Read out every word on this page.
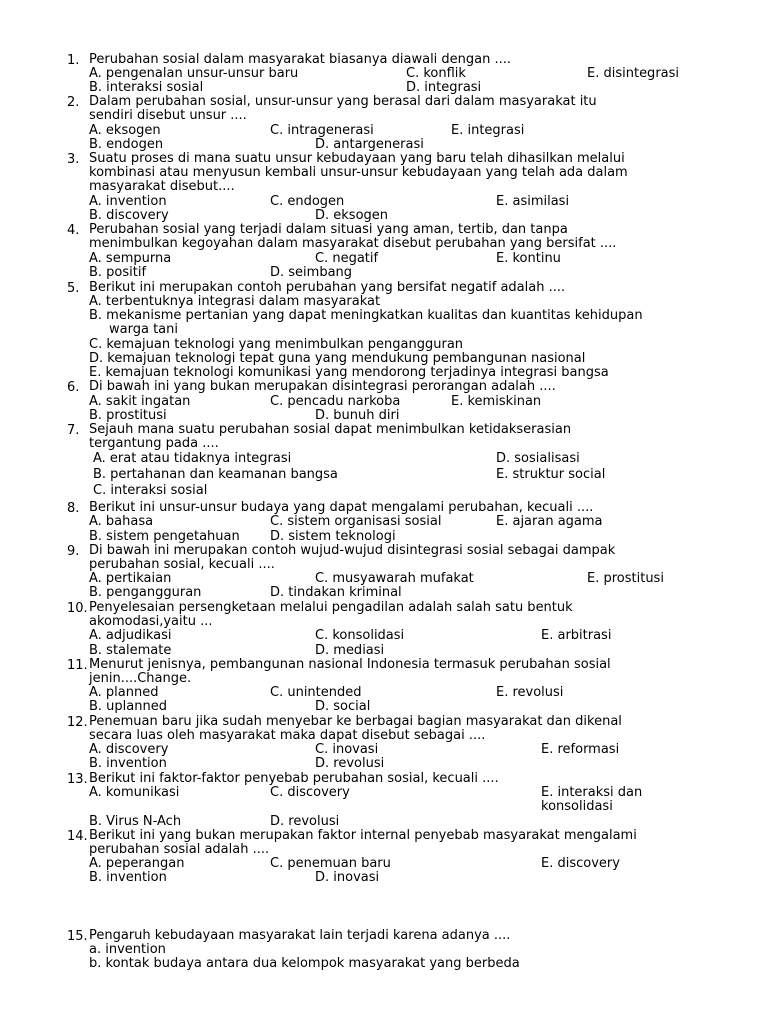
1. Perubahan sosial dalam masyarakat biasanya diawali dengan ....
A. pengenalan unsur-unsur baru	C. konflik	E. disintegrasi
B. interaksi sosial	D. integrasi
2. Dalam perubahan sosial, unsur-unsur yang berasal dari dalam masyarakat itu
sendiri disebut unsur ....
A. eksogen	C. intragenerasi	E. integrasi
B. endogen	D. antargenerasi
3. Suatu proses di mana suatu unsur kebudayaan yang baru telah dihasilkan melalui
kombinasi atau menyusun kembali unsur-unsur kebudayaan yang telah ada dalam
masyarakat disebut....
A. invention	C. endogen	E. asimilasi
B. discovery	D. eksogen
4. Perubahan sosial yang terjadi dalam situasi yang aman, tertib, dan tanpa
menimbulkan kegoyahan dalam masyarakat disebut perubahan yang bersifat ....
A. sempurna	C. negatif	E. kontinu
B. positif	D. seimbang
5. Berikut ini merupakan contoh perubahan yang bersifat negatif adalah ....
A. terbentuknya integrasi dalam masyarakat
B. mekanisme pertanian yang dapat meningkatkan kualitas dan kuantitas kehidupan warga tani
C. kemajuan teknologi yang menimbulkan pengangguran
D. kemajuan teknologi tepat guna yang mendukung pembangunan nasional
E. kemajuan teknologi komunikasi yang mendorong terjadinya integrasi bangsa
6. Di bawah ini yang bukan merupakan disintegrasi perorangan adalah ....
A. sakit ingatan	C. pencadu narkoba	E. kemiskinan
B. prostitusi	D. bunuh diri
7. Sejauh mana suatu perubahan sosial dapat menimbulkan ketidakserasian
tergantung pada ....
A. erat atau tidaknya integrasi	D. sosialisasi
B. pertahanan dan keamanan bangsa	E. struktur social
C. interaksi sosial
8. Berikut ini unsur-unsur budaya yang dapat mengalami perubahan, kecuali ....
A. bahasa	C. sistem organisasi sosial	E. ajaran agama
B. sistem pengetahuan D. sistem teknologi
9. Di bawah ini merupakan contoh wujud-wujud disintegrasi sosial sebagai dampak
perubahan sosial, kecuali ....
A. pertikaian	C. musyawarah mufakat	E. prostitusi
B. pengangguran	D. tindakan kriminal
10. Penyelesaian persengketaan melalui pengadilan adalah salah satu bentuk
akomodasi,yaitu ...
A. adjudikasi	C. konsolidasi	E. arbitrasi
B. stalemate	D. mediasi
11. Menurut jenisnya, pembangunan nasional Indonesia termasuk perubahan sosial
jenin....Change.
A. planned	C. unintended	E. revolusi
B. uplanned	D. social
12. Penemuan baru jika sudah menyebar ke berbagai bagian masyarakat dan dikenal
secara luas oleh masyarakat maka dapat disebut sebagai ....
A. discovery	C. inovasi	E. reformasi
B. invention	D. revolusi
13. Berikut ini faktor-faktor penyebab perubahan sosial, kecuali ....
A. komunikasi	C. discovery	E. interaksi dan konsolidasi
B. Virus N-Ach	D. revolusi
14. Berikut ini yang bukan merupakan faktor internal penyebab masyarakat mengalami
perubahan sosial adalah ....
A. peperangan	C. penemuan baru	E. discovery
B. invention	D. inovasi
15. Pengaruh kebudayaan masyarakat lain terjadi karena adanya ....
a. invention
b. kontak budaya antara dua kelompok masyarakat yang berbeda
